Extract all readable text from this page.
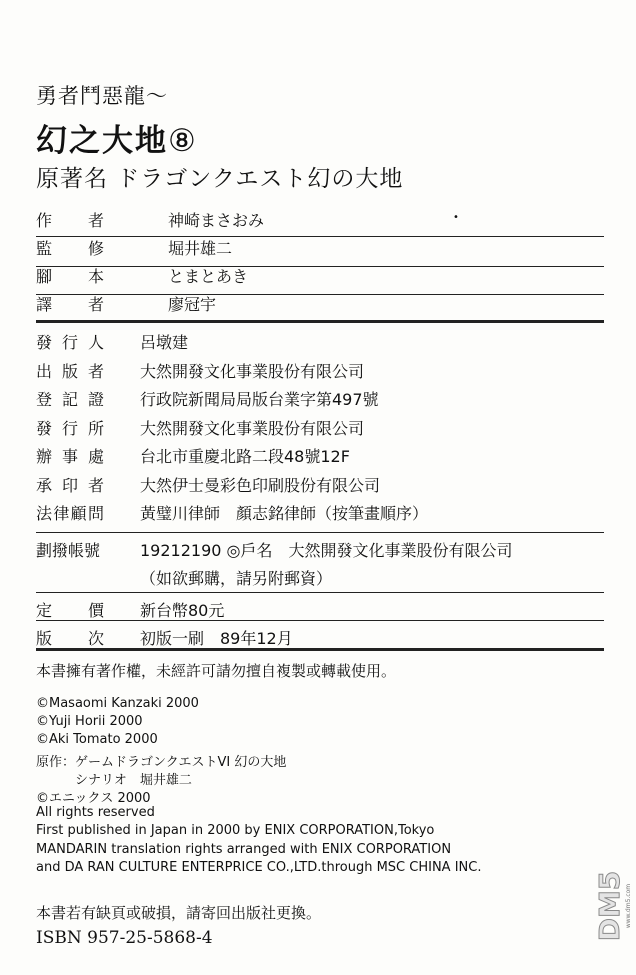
勇者鬥惡龍～
幻之大地⑧
原著名 ドラゴンクエスト幻の大地
•
作 者	神崎まさおみ
監 修	堀井雄二
腳 本	とまとあき
譯 者	廖冠宇
發 行 人 呂墩建
出 版 者 大然開發文化事業股份有限公司
登 記 證 行政院新聞局局版台業字第497號
發 行 所 大然開發文化事業股份有限公司
辦 事 處 台北市重慶北路二段48號12F
承 印 者 大然伊士曼彩色印刷股份有限公司
法 律 顧 問 黃璧川律師　顏志銘律師（按筆畫順序）
劃撥帳號 19212190 ◎戶名　大然開發文化事業股份有限公司
（如欲郵購，請另附郵資）
定 價 新台幣80元
版 次 初版一刷　89年12月
本書擁有著作權，未經許可請勿擅自複製或轉載使用。
©Masaomi Kanzaki 2000
©Yuji Horii 2000
©Aki Tomato 2000
原作：ゲームドラゴンクエストVI 幻の大地
　　　シナリオ　堀井雄二
©エニックス 2000
All rights reserved
First published in Japan in 2000 by ENIX CORPORATION,Tokyo
MANDARIN translation rights arranged with ENIX CORPORATION
and DA RAN CULTURE ENTERPRICE CO.,LTD.through MSC CHINA INC.
本書若有缺頁或破損，請寄回出版社更換。
ISBN 957-25-5868-4	DM5 www.dm5.com
